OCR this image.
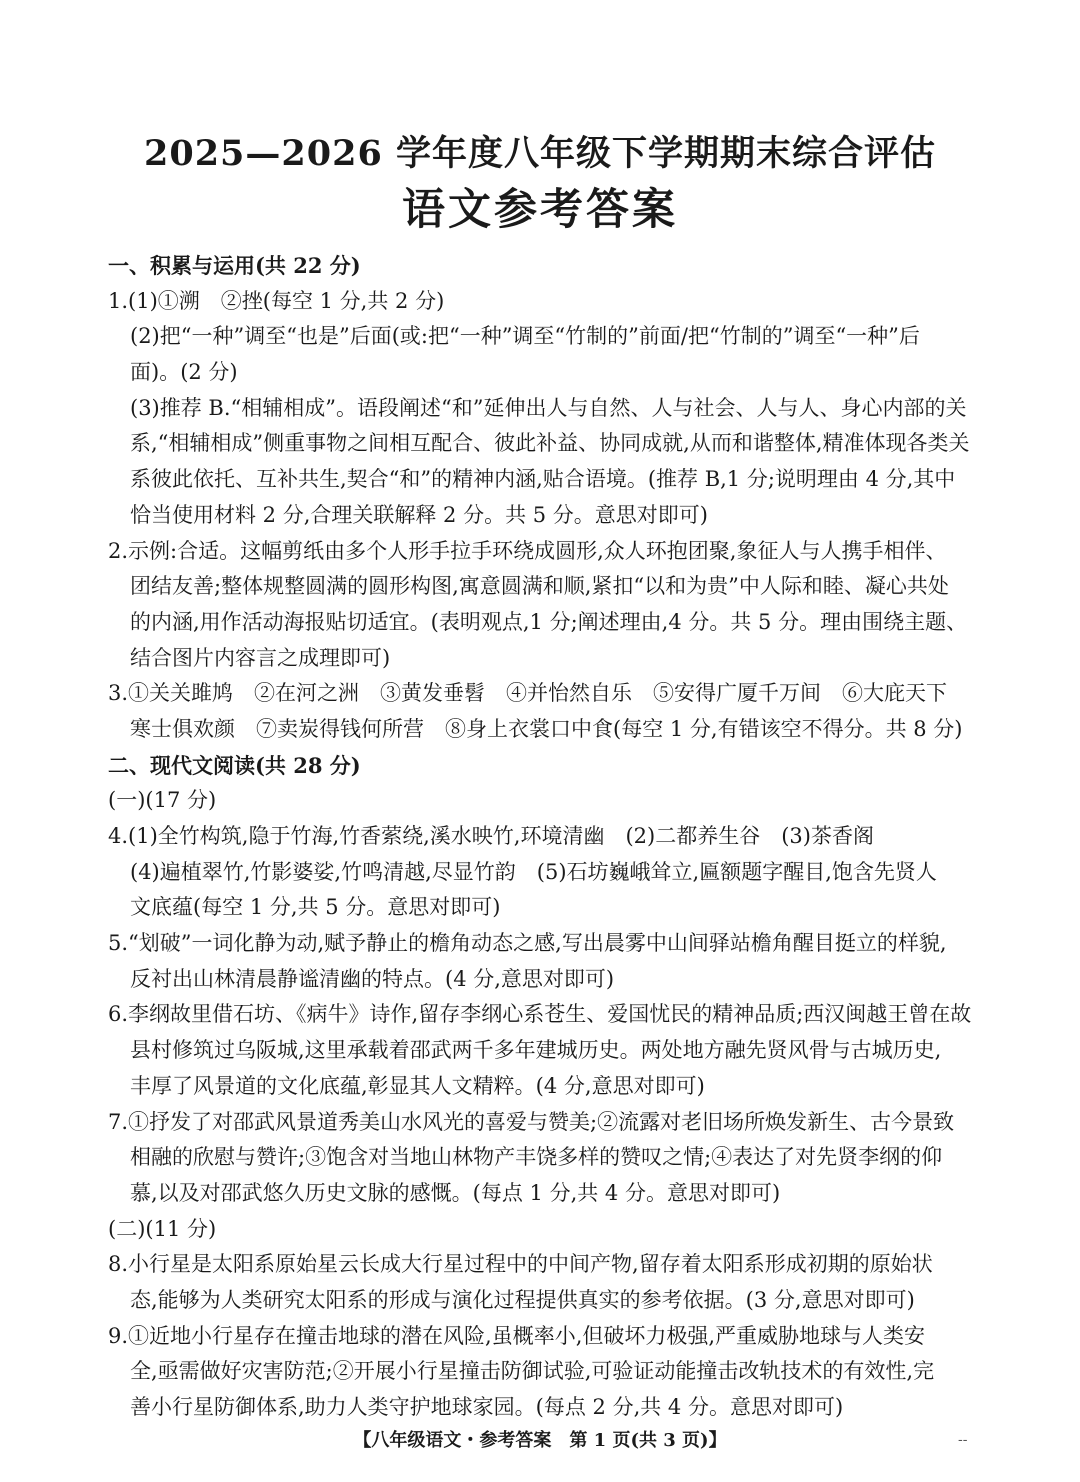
2025—2026 学年度八年级下学期期末综合评估
语文参考答案
一、积累与运用(共 22 分)
1.(1)①溯　②挫(每空 1 分,共 2 分)
(2)把“一种”调至“也是”后面(或:把“一种”调至“竹制的”前面/把“竹制的”调至“一种”后
面)。(2 分)
(3)推荐 B.“相辅相成”。语段阐述“和”延伸出人与自然、人与社会、人与人、身心内部的关
系,“相辅相成”侧重事物之间相互配合、彼此补益、协同成就,从而和谐整体,精准体现各类关
系彼此依托、互补共生,契合“和”的精神内涵,贴合语境。(推荐 B,1 分;说明理由 4 分,其中
恰当使用材料 2 分,合理关联解释 2 分。共 5 分。意思对即可)
2.示例:合适。这幅剪纸由多个人形手拉手环绕成圆形,众人环抱团聚,象征人与人携手相伴、
团结友善;整体规整圆满的圆形构图,寓意圆满和顺,紧扣“以和为贵”中人际和睦、凝心共处
的内涵,用作活动海报贴切适宜。(表明观点,1 分;阐述理由,4 分。共 5 分。理由围绕主题、
结合图片内容言之成理即可)
3.①关关雎鸠　②在河之洲　③黄发垂髫　④并怡然自乐　⑤安得广厦千万间　⑥大庇天下
寒士俱欢颜　⑦卖炭得钱何所营　⑧身上衣裳口中食(每空 1 分,有错该空不得分。共 8 分)
二、现代文阅读(共 28 分)
(一)(17 分)
4.(1)全竹构筑,隐于竹海,竹香萦绕,溪水映竹,环境清幽　(2)二都养生谷　(3)茶香阁
(4)遍植翠竹,竹影婆娑,竹鸣清越,尽显竹韵　(5)石坊巍峨耸立,匾额题字醒目,饱含先贤人
文底蕴(每空 1 分,共 5 分。意思对即可)
5.“划破”一词化静为动,赋予静止的檐角动态之感,写出晨雾中山间驿站檐角醒目挺立的样貌,
反衬出山林清晨静谧清幽的特点。(4 分,意思对即可)
6.李纲故里借石坊、《病牛》诗作,留存李纲心系苍生、爱国忧民的精神品质;西汉闽越王曾在故
县村修筑过乌阪城,这里承载着邵武两千多年建城历史。两处地方融先贤风骨与古城历史,
丰厚了风景道的文化底蕴,彰显其人文精粹。(4 分,意思对即可)
7.①抒发了对邵武风景道秀美山水风光的喜爱与赞美;②流露对老旧场所焕发新生、古今景致
相融的欣慰与赞许;③饱含对当地山林物产丰饶多样的赞叹之情;④表达了对先贤李纲的仰
慕,以及对邵武悠久历史文脉的感慨。(每点 1 分,共 4 分。意思对即可)
(二)(11 分)
8.小行星是太阳系原始星云长成大行星过程中的中间产物,留存着太阳系形成初期的原始状
态,能够为人类研究太阳系的形成与演化过程提供真实的参考依据。(3 分,意思对即可)
9.①近地小行星存在撞击地球的潜在风险,虽概率小,但破坏力极强,严重威胁地球与人类安
全,亟需做好灾害防范;②开展小行星撞击防御试验,可验证动能撞击改轨技术的有效性,完
善小行星防御体系,助力人类守护地球家园。(每点 2 分,共 4 分。意思对即可)
【八年级语文・参考答案　第 1 页(共 3 页)】	--
